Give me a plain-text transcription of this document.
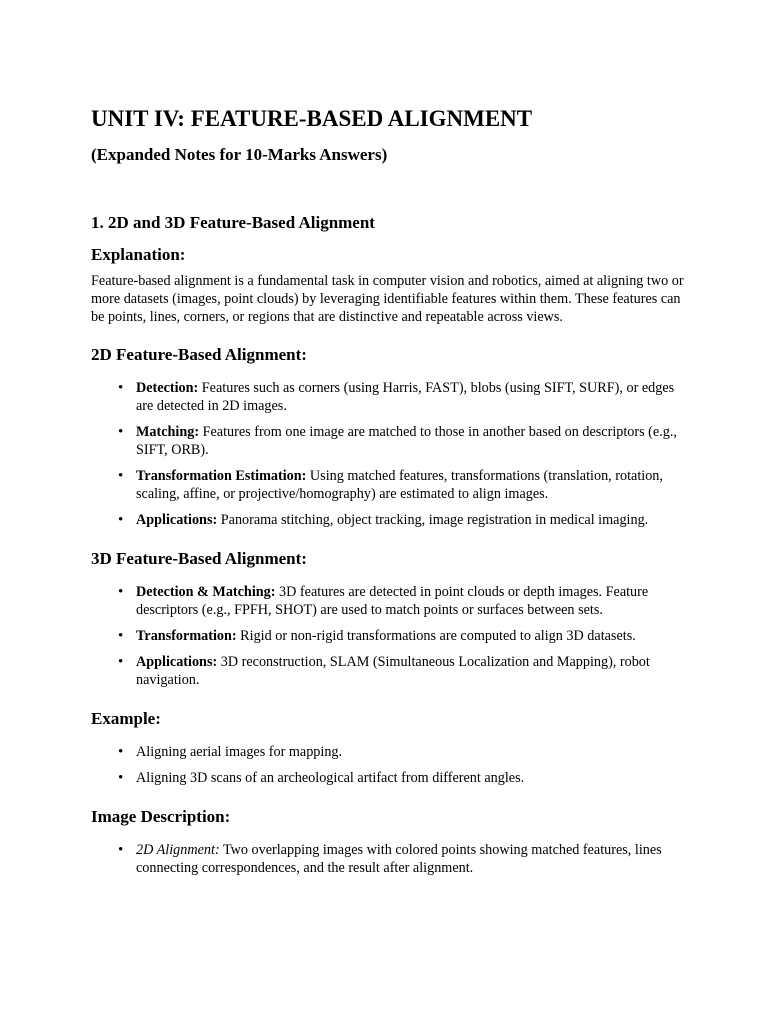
UNIT IV: FEATURE-BASED ALIGNMENT
(Expanded Notes for 10-Marks Answers)
1. 2D and 3D Feature-Based Alignment
Explanation:

Feature-based alignment is a fundamental task in computer vision and robotics, aimed at aligning two or more datasets (images, point clouds) by leveraging identifiable features within them. These features can be points, lines, corners, or regions that are distinctive and repeatable across views.

2D Feature-Based Alignment:
• Detection: Features such as corners (using Harris, FAST), blobs (using SIFT, SURF), or edges are detected in 2D images.
• Matching: Features from one image are matched to those in another based on descriptors (e.g., SIFT, ORB).
• Transformation Estimation: Using matched features, transformations (translation, rotation, scaling, affine, or projective/homography) are estimated to align images.
• Applications: Panorama stitching, object tracking, image registration in medical imaging.
3D Feature-Based Alignment:
• Detection & Matching: 3D features are detected in point clouds or depth images. Feature descriptors (e.g., FPFH, SHOT) are used to match points or surfaces between sets.
• Transformation: Rigid or non-rigid transformations are computed to align 3D datasets.
• Applications: 3D reconstruction, SLAM (Simultaneous Localization and Mapping), robot navigation.
Example:
• Aligning aerial images for mapping.
• Aligning 3D scans of an archeological artifact from different angles.
Image Description:
• 2D Alignment: Two overlapping images with colored points showing matched features, lines connecting correspondences, and the result after alignment.
